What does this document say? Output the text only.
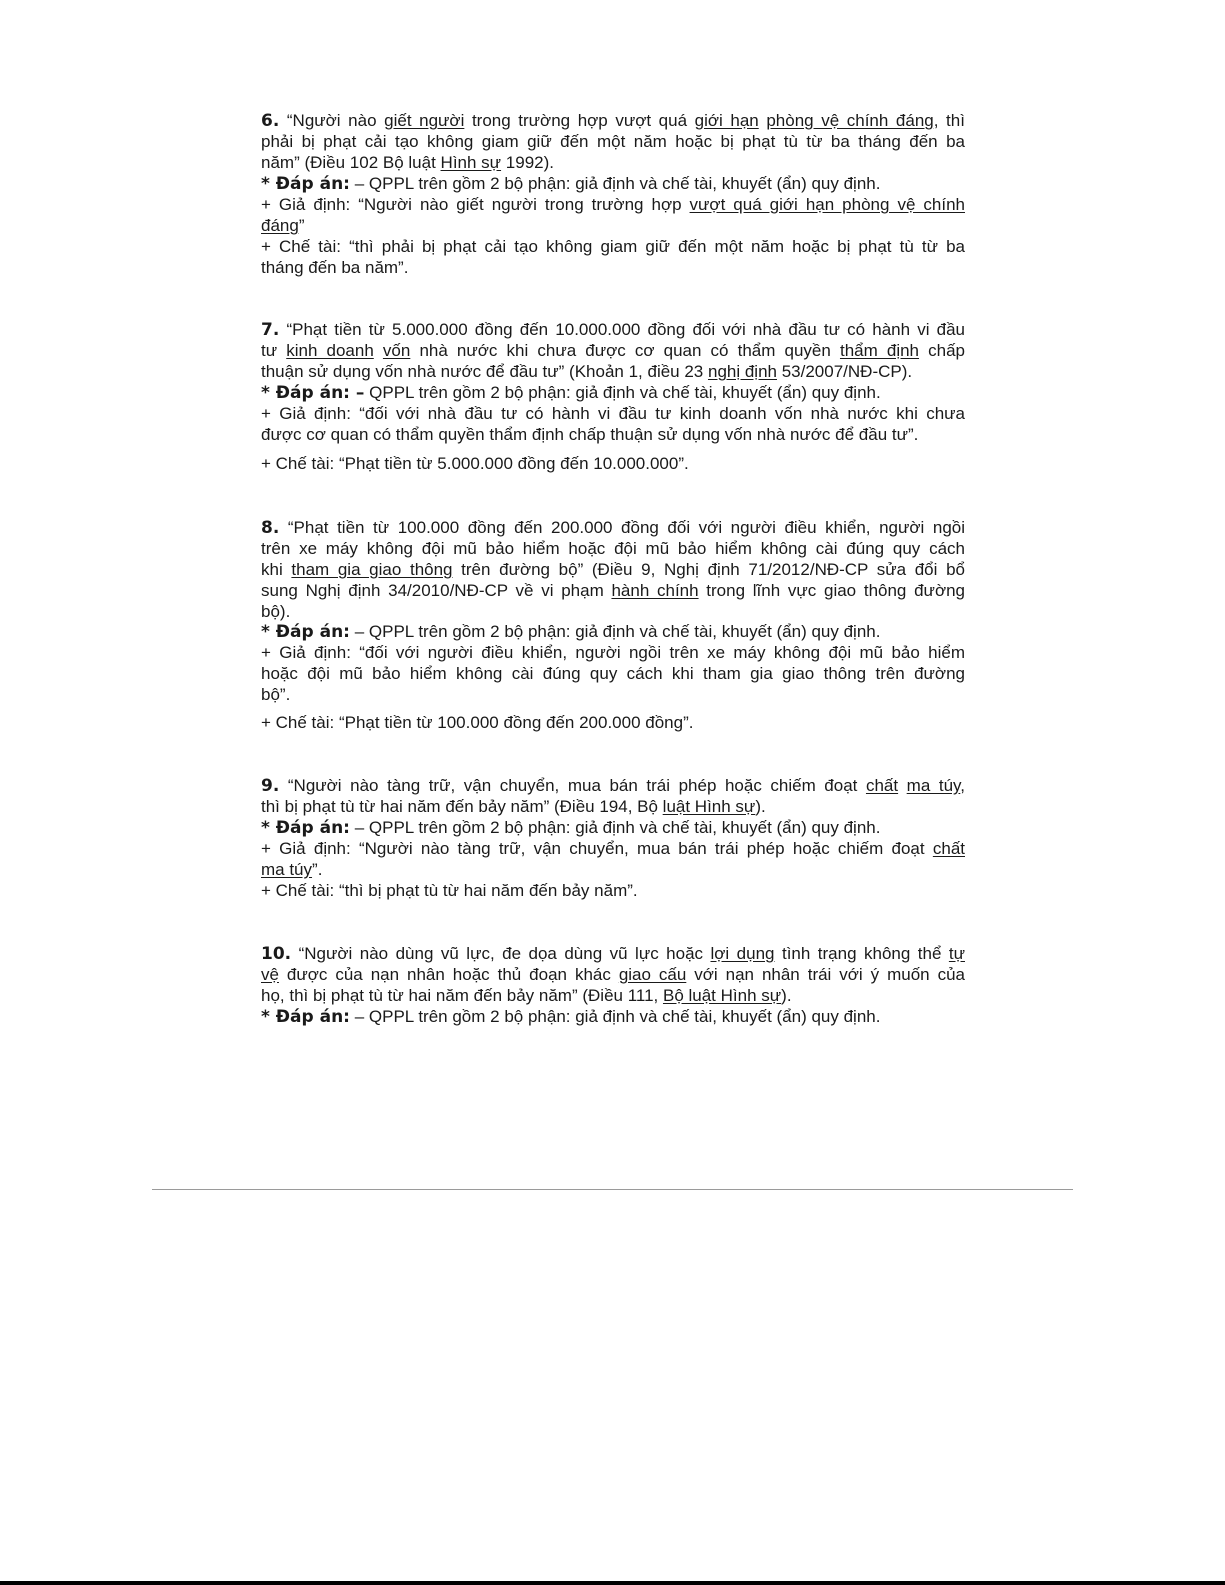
6. “Người nào giết người trong trường hợp vượt quá giới hạn phòng vệ chính đáng, thì
phải bị phạt cải tạo không giam giữ đến một năm hoặc bị phạt tù từ ba tháng đến ba
năm” (Điều 102 Bộ luật Hình sự 1992).
* Đáp án: – QPPL trên gồm 2 bộ phận: giả định và chế tài, khuyết (ẩn) quy định.
+ Giả định: “Người nào giết người trong trường hợp vượt quá giới hạn phòng vệ chính
đáng”
+ Chế tài: “thì phải bị phạt cải tạo không giam giữ đến một năm hoặc bị phạt tù từ ba
tháng đến ba năm”.
7. “Phạt tiền từ 5.000.000 đồng đến 10.000.000 đồng đối với nhà đầu tư có hành vi đầu
tư kinh doanh vốn nhà nước khi chưa được cơ quan có thẩm quyền thẩm định chấp
thuận sử dụng vốn nhà nước để đầu tư” (Khoản 1, điều 23 nghị định 53/2007/NĐ-CP).
* Đáp án: – QPPL trên gồm 2 bộ phận: giả định và chế tài, khuyết (ẩn) quy định.
+ Giả định: “đối với nhà đầu tư có hành vi đầu tư kinh doanh vốn nhà nước khi chưa
được cơ quan có thẩm quyền thẩm định chấp thuận sử dụng vốn nhà nước để đầu tư”.
+ Chế tài: “Phạt tiền từ 5.000.000 đồng đến 10.000.000”.
8. “Phạt tiền từ 100.000 đồng đến 200.000 đồng đối với người điều khiển, người ngồi
trên xe máy không đội mũ bảo hiểm hoặc đội mũ bảo hiểm không cài đúng quy cách
khi tham gia giao thông trên đường bộ” (Điều 9, Nghị định 71/2012/NĐ-CP sửa đổi bổ
sung Nghị định 34/2010/NĐ-CP về vi phạm hành chính trong lĩnh vực giao thông đường
bộ).
* Đáp án: – QPPL trên gồm 2 bộ phận: giả định và chế tài, khuyết (ẩn) quy định.
+ Giả định: “đối với người điều khiển, người ngồi trên xe máy không đội mũ bảo hiểm
hoặc đội mũ bảo hiểm không cài đúng quy cách khi tham gia giao thông trên đường
bộ”.
+ Chế tài: “Phạt tiền từ 100.000 đồng đến 200.000 đồng”.
9. “Người nào tàng trữ, vận chuyển, mua bán trái phép hoặc chiếm đoạt chất ma túy,
thì bị phạt tù từ hai năm đến bảy năm” (Điều 194, Bộ luật Hình sự).
* Đáp án: – QPPL trên gồm 2 bộ phận: giả định và chế tài, khuyết (ẩn) quy định.
+ Giả định: “Người nào tàng trữ, vận chuyển, mua bán trái phép hoặc chiếm đoạt chất
ma túy”.
+ Chế tài: “thì bị phạt tù từ hai năm đến bảy năm”.
10. “Người nào dùng vũ lực, đe dọa dùng vũ lực hoặc lợi dụng tình trạng không thể tự
vệ được của nạn nhân hoặc thủ đoạn khác giao cấu với nạn nhân trái với ý muốn của
họ, thì bị phạt tù từ hai năm đến bảy năm” (Điều 111, Bộ luật Hình sự).
* Đáp án: – QPPL trên gồm 2 bộ phận: giả định và chế tài, khuyết (ẩn) quy định.
